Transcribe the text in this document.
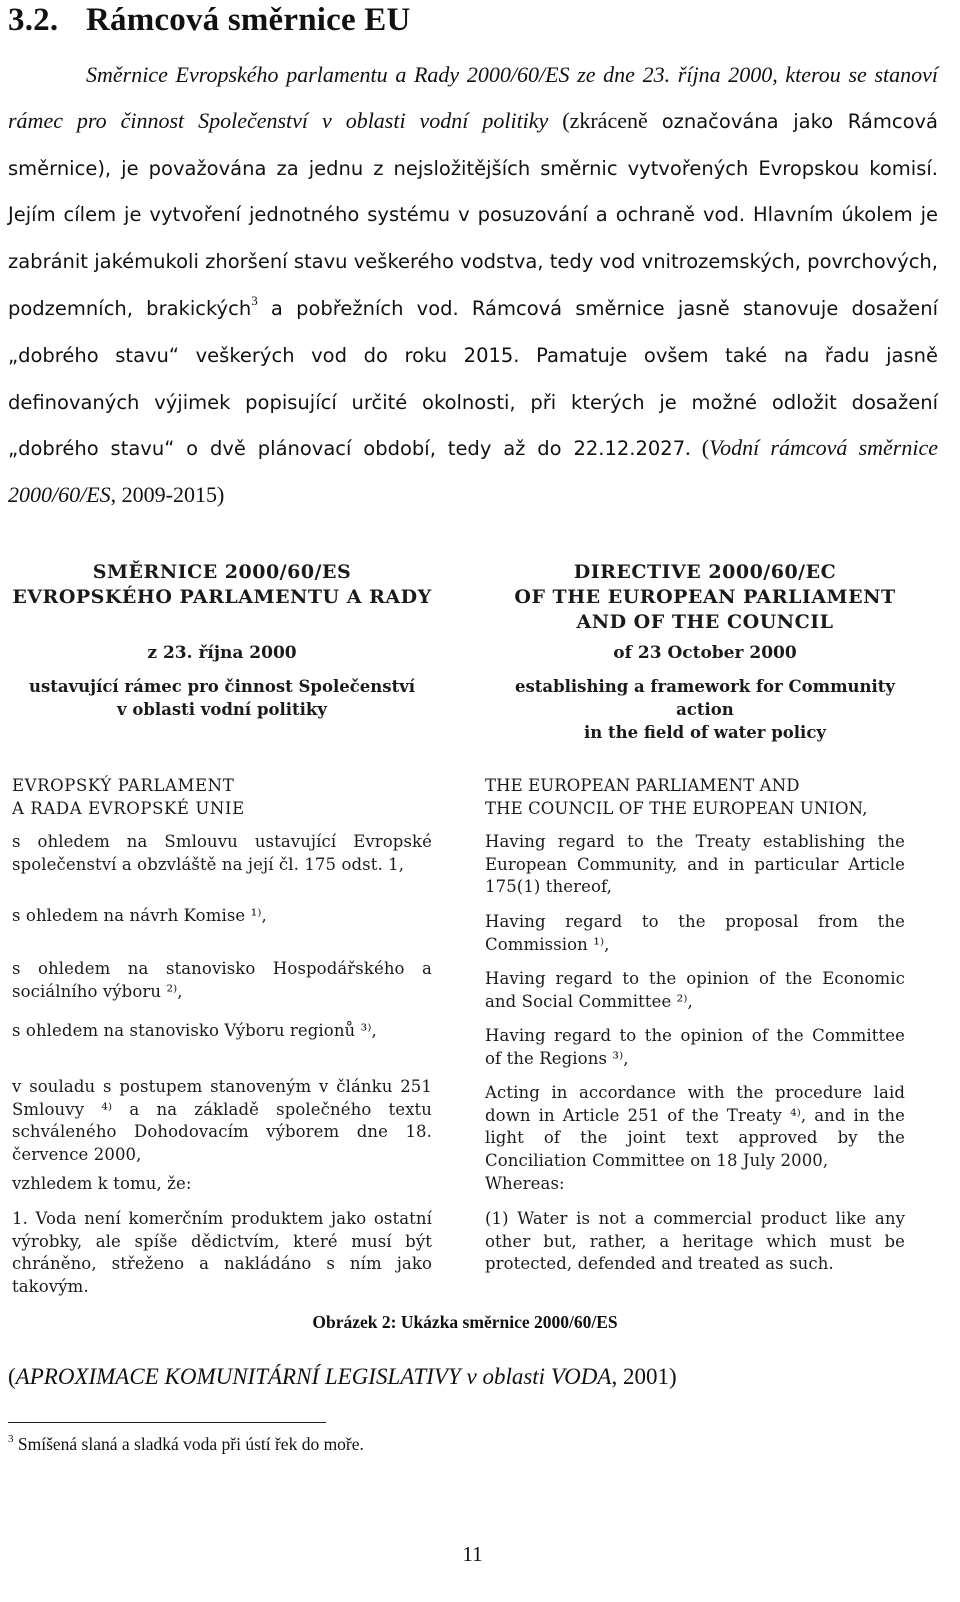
3.2. Rámcová směrnice EU

Směrnice Evropského parlamentu a Rady 2000/60/ES ze dne 23. října 2000, kterou se stanoví rámec pro činnost Společenství v oblasti vodní politiky (zkráceně označována jako Rámcová směrnice), je považována za jednu z nejsložitějších směrnic vytvořených Evropskou komisí. Jejím cílem je vytvoření jednotného systému v posuzování a ochraně vod. Hlavním úkolem je zabránit jakémukoli zhoršení stavu veškerého vodstva, tedy vod vnitrozemských, povrchových, podzemních, brakických$^3$ a pobřežních vod. Rámcová směrnice jasně stanovuje dosažení „dobrého stavu“ veškerých vod do roku 2015. Pamatuje ovšem také na řadu jasně definovaných výjimek popisující určité okolnosti, při kterých je možné odložit dosažení „dobrého stavu“ o dvě plánovací období, tedy až do 22.12.2027. (Vodní rámcová směrnice 2000/60/ES, 2009-2015)

SMĚRNICE 2000/60/ES
EVROPSKÉHO PARLAMENTU A RADY
z 23. října 2000
ustavující rámec pro činnost Společenství
v oblasti vodní politiky
EVROPSKÝ PARLAMENT
A RADA EVROPSKÉ UNIE
s ohledem na Smlouvu ustavující Evropské společenství a obzvláště na její čl. 175 odst. 1,
s ohledem na návrh Komise ¹⁾,
s ohledem na stanovisko Hospodářského a sociálního výboru ²⁾,
s ohledem na stanovisko Výboru regionů ³⁾,
v souladu s postupem stanoveným v článku 251 Smlouvy ⁴⁾ a na základě společného textu schváleného Dohodovacím výborem dne 18. července 2000,
vzhledem k tomu, že:
1. Voda není komerčním produktem jako ostatní výrobky, ale spíše dědictvím, které musí být chráněno, střeženo a nakládáno s ním jako takovým.
DIRECTIVE 2000/60/EC
OF THE EUROPEAN PARLIAMENT
AND OF THE COUNCIL
of 23 October 2000
establishing a framework for Community action
in the field of water policy
THE EUROPEAN PARLIAMENT AND
THE COUNCIL OF THE EUROPEAN UNION,
Having regard to the Treaty establishing the European Community, and in particular Article 175(1) thereof,
Having regard to the proposal from the Commission ¹⁾,
Having regard to the opinion of the Economic and Social Committee ²⁾,
Having regard to the opinion of the Committee of the Regions ³⁾,
Acting in accordance with the procedure laid down in Article 251 of the Treaty ⁴⁾, and in the light of the joint text approved by the Conciliation Committee on 18 July 2000,
Whereas:
(1) Water is not a commercial product like any other but, rather, a heritage which must be protected, defended and treated as such.
Obrázek 2: Ukázka směrnice 2000/60/ES
(APROXIMACE KOMUNITÁRNÍ LEGISLATIVY v oblasti VODA, 2001)
$^3$ Smíšená slaná a sladká voda při ústí řek do moře.
11
